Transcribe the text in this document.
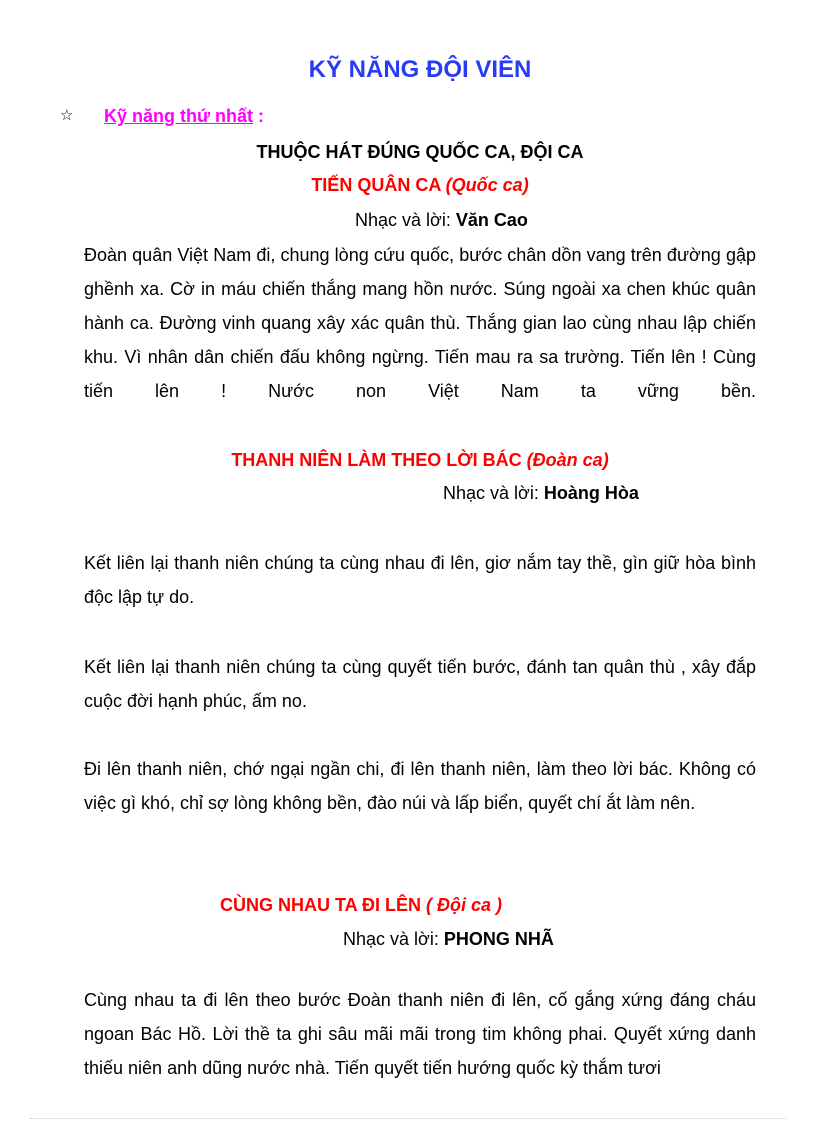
KỸ NĂNG ĐỘI VIÊN
☆ Kỹ năng thứ nhất :
THUỘC HÁT ĐÚNG QUỐC CA, ĐỘI CA
TIẾN QUÂN CA (Quốc ca)
Nhạc và lời: Văn Cao
Đoàn quân Việt Nam đi, chung lòng cứu quốc, bước chân dồn vang trên đường gập ghềnh xa. Cờ in máu chiến thắng mang hồn nước. Súng ngoài xa chen khúc quân hành ca. Đường vinh quang xây xác quân thù. Thắng gian lao cùng nhau lập chiến khu. Vì nhân dân chiến đấu không ngừng. Tiến mau ra sa trường. Tiến lên ! Cùng tiến lên ! Nước non Việt Nam ta vững bền.
THANH NIÊN LÀM THEO LỜI BÁC (Đoàn ca)
Nhạc và lời: Hoàng Hòa
Kết liên lại thanh niên chúng ta cùng nhau đi lên, giơ nắm tay thề, gìn giữ hòa bình độc lập tự do.
Kết liên lại thanh niên chúng ta cùng quyết tiến bước, đánh tan quân thù , xây đắp cuộc đời hạnh phúc, ấm no.
Đi lên thanh niên, chớ ngại ngần chi, đi lên thanh niên, làm theo lời bác. Không có việc gì khó, chỉ sợ lòng không bền, đào núi và lấp biển, quyết chí ắt làm nên.
CÙNG NHAU TA ĐI LÊN ( Đội ca )
Nhạc và lời: PHONG NHÃ
Cùng nhau ta đi lên theo bước Đoàn thanh niên đi lên, cố gắng xứng đáng cháu ngoan Bác Hồ. Lời thề ta ghi sâu mãi mãi trong tim không phai. Quyết xứng danh thiếu niên anh dũng nước nhà. Tiến quyết tiến hướng quốc kỳ thắm tươi
